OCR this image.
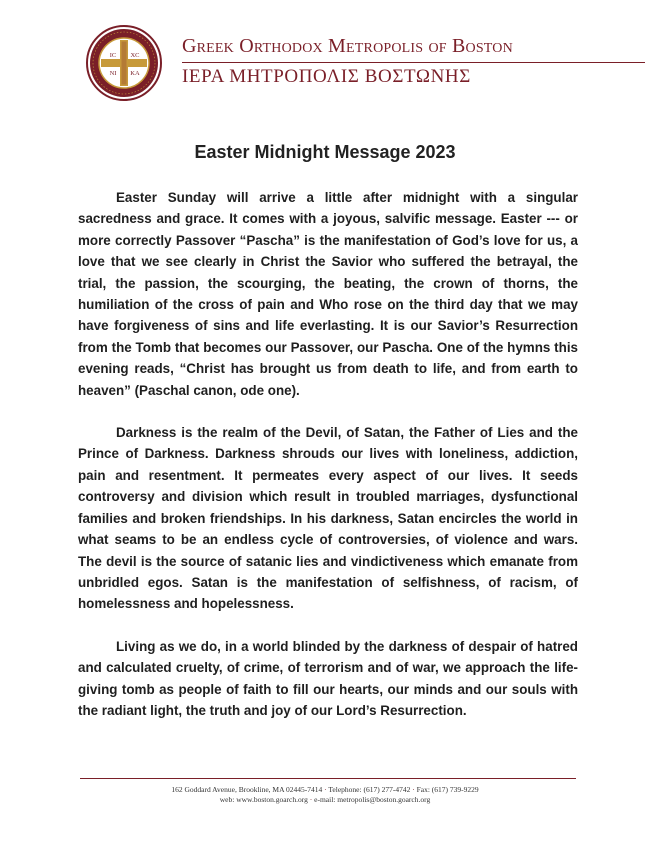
IC XC
NI KA
Greek Orthodox Metropolis of Boston
ΙΕΡΑ ΜΗΤΡΟΠΟΛΙΣ ΒΟΣΤΩΝΗΣ
Easter Midnight Message 2023

Easter Sunday will arrive a little after midnight with a singular sacredness and grace. It comes with a joyous, salvific message. Easter --- or more correctly Passover “Pascha” is the manifestation of God’s love for us, a love that we see clearly in Christ the Savior who suffered the betrayal, the trial, the passion, the scourging, the beating, the crown of thorns, the humiliation of the cross of pain and Who rose on the third day that we may have forgiveness of sins and life everlasting. It is our Savior’s Resurrection from the Tomb that becomes our Passover, our Pascha. One of the hymns this evening reads, “Christ has brought us from death to life, and from earth to heaven” (Paschal canon, ode one).

Darkness is the realm of the Devil, of Satan, the Father of Lies and the Prince of Darkness. Darkness shrouds our lives with loneliness, addiction, pain and resentment. It permeates every aspect of our lives. It seeds controversy and division which result in troubled marriages, dysfunctional families and broken friendships. In his darkness, Satan encircles the world in what seams to be an endless cycle of controversies, of violence and wars. The devil is the source of satanic lies and vindictiveness which emanate from unbridled egos. Satan is the manifestation of selfishness, of racism, of homelessness and hopelessness.

Living as we do, in a world blinded by the darkness of despair of hatred and calculated cruelty, of crime, of terrorism and of war, we approach the life-giving tomb as people of faith to fill our hearts, our minds and our souls with the radiant light, the truth and joy of our Lord’s Resurrection.

162 Goddard Avenue, Brookline, MA 02445-7414 · Telephone: (617) 277-4742 · Fax: (617) 739-9229
web: www.boston.goarch.org · e-mail: metropolis@boston.goarch.org
